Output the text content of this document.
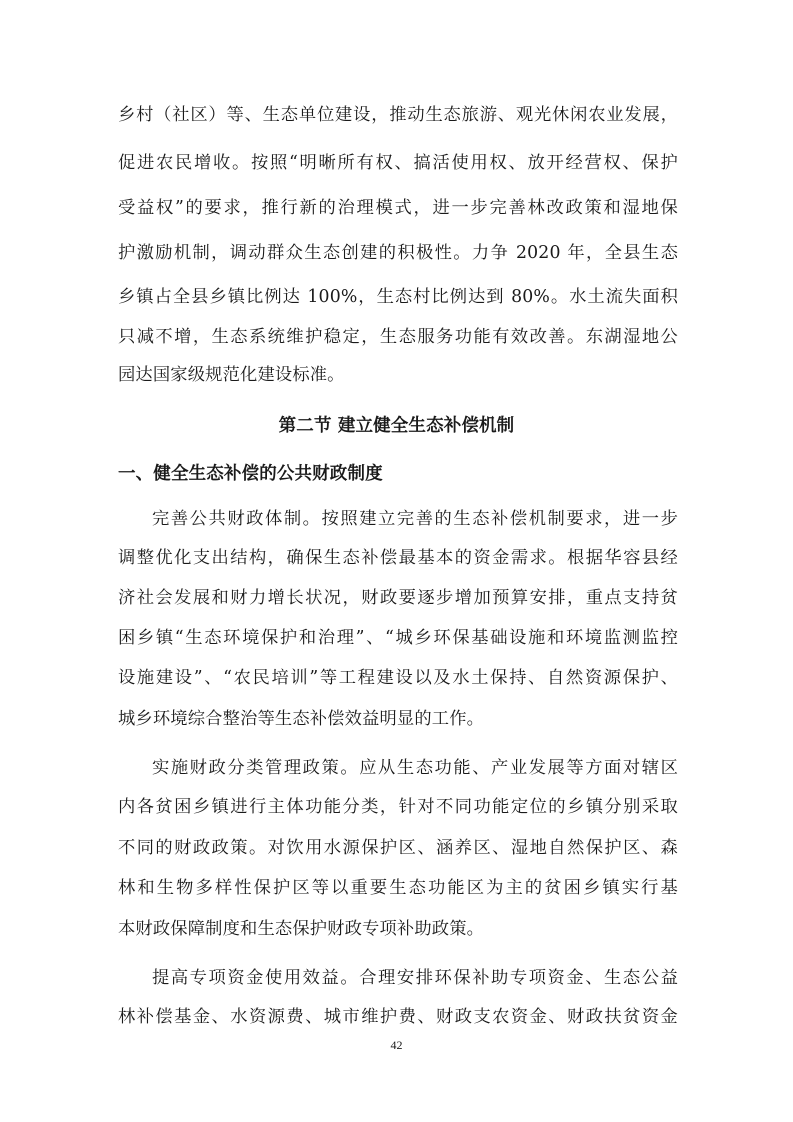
乡村（社区）等、生态单位建设，推动生态旅游、观光休闲农业发展，
促进农民增收。按照“明晰所有权、搞活使用权、放开经营权、保护
受益权”的要求，推行新的治理模式，进一步完善林改政策和湿地保
护激励机制，调动群众生态创建的积极性。力争 2020 年，全县生态
乡镇占全县乡镇比例达 100%，生态村比例达到 80%。水土流失面积
只减不增，生态系统维护稳定，生态服务功能有效改善。东湖湿地公
园达国家级规范化建设标准。
第二节 建立健全生态补偿机制
一、健全生态补偿的公共财政制度
完善公共财政体制。按照建立完善的生态补偿机制要求，进一步
调整优化支出结构，确保生态补偿最基本的资金需求。根据华容县经
济社会发展和财力增长状况，财政要逐步增加预算安排，重点支持贫
困乡镇“生态环境保护和治理”、“城乡环保基础设施和环境监测监控
设施建设”、“农民培训”等工程建设以及水土保持、自然资源保护、
城乡环境综合整治等生态补偿效益明显的工作。
实施财政分类管理政策。应从生态功能、产业发展等方面对辖区
内各贫困乡镇进行主体功能分类，针对不同功能定位的乡镇分别采取
不同的财政政策。对饮用水源保护区、涵养区、湿地自然保护区、森
林和生物多样性保护区等以重要生态功能区为主的贫困乡镇实行基
本财政保障制度和生态保护财政专项补助政策。
提高专项资金使用效益。合理安排环保补助专项资金、生态公益
林补偿基金、水资源费、城市维护费、财政支农资金、财政扶贫资金
42
